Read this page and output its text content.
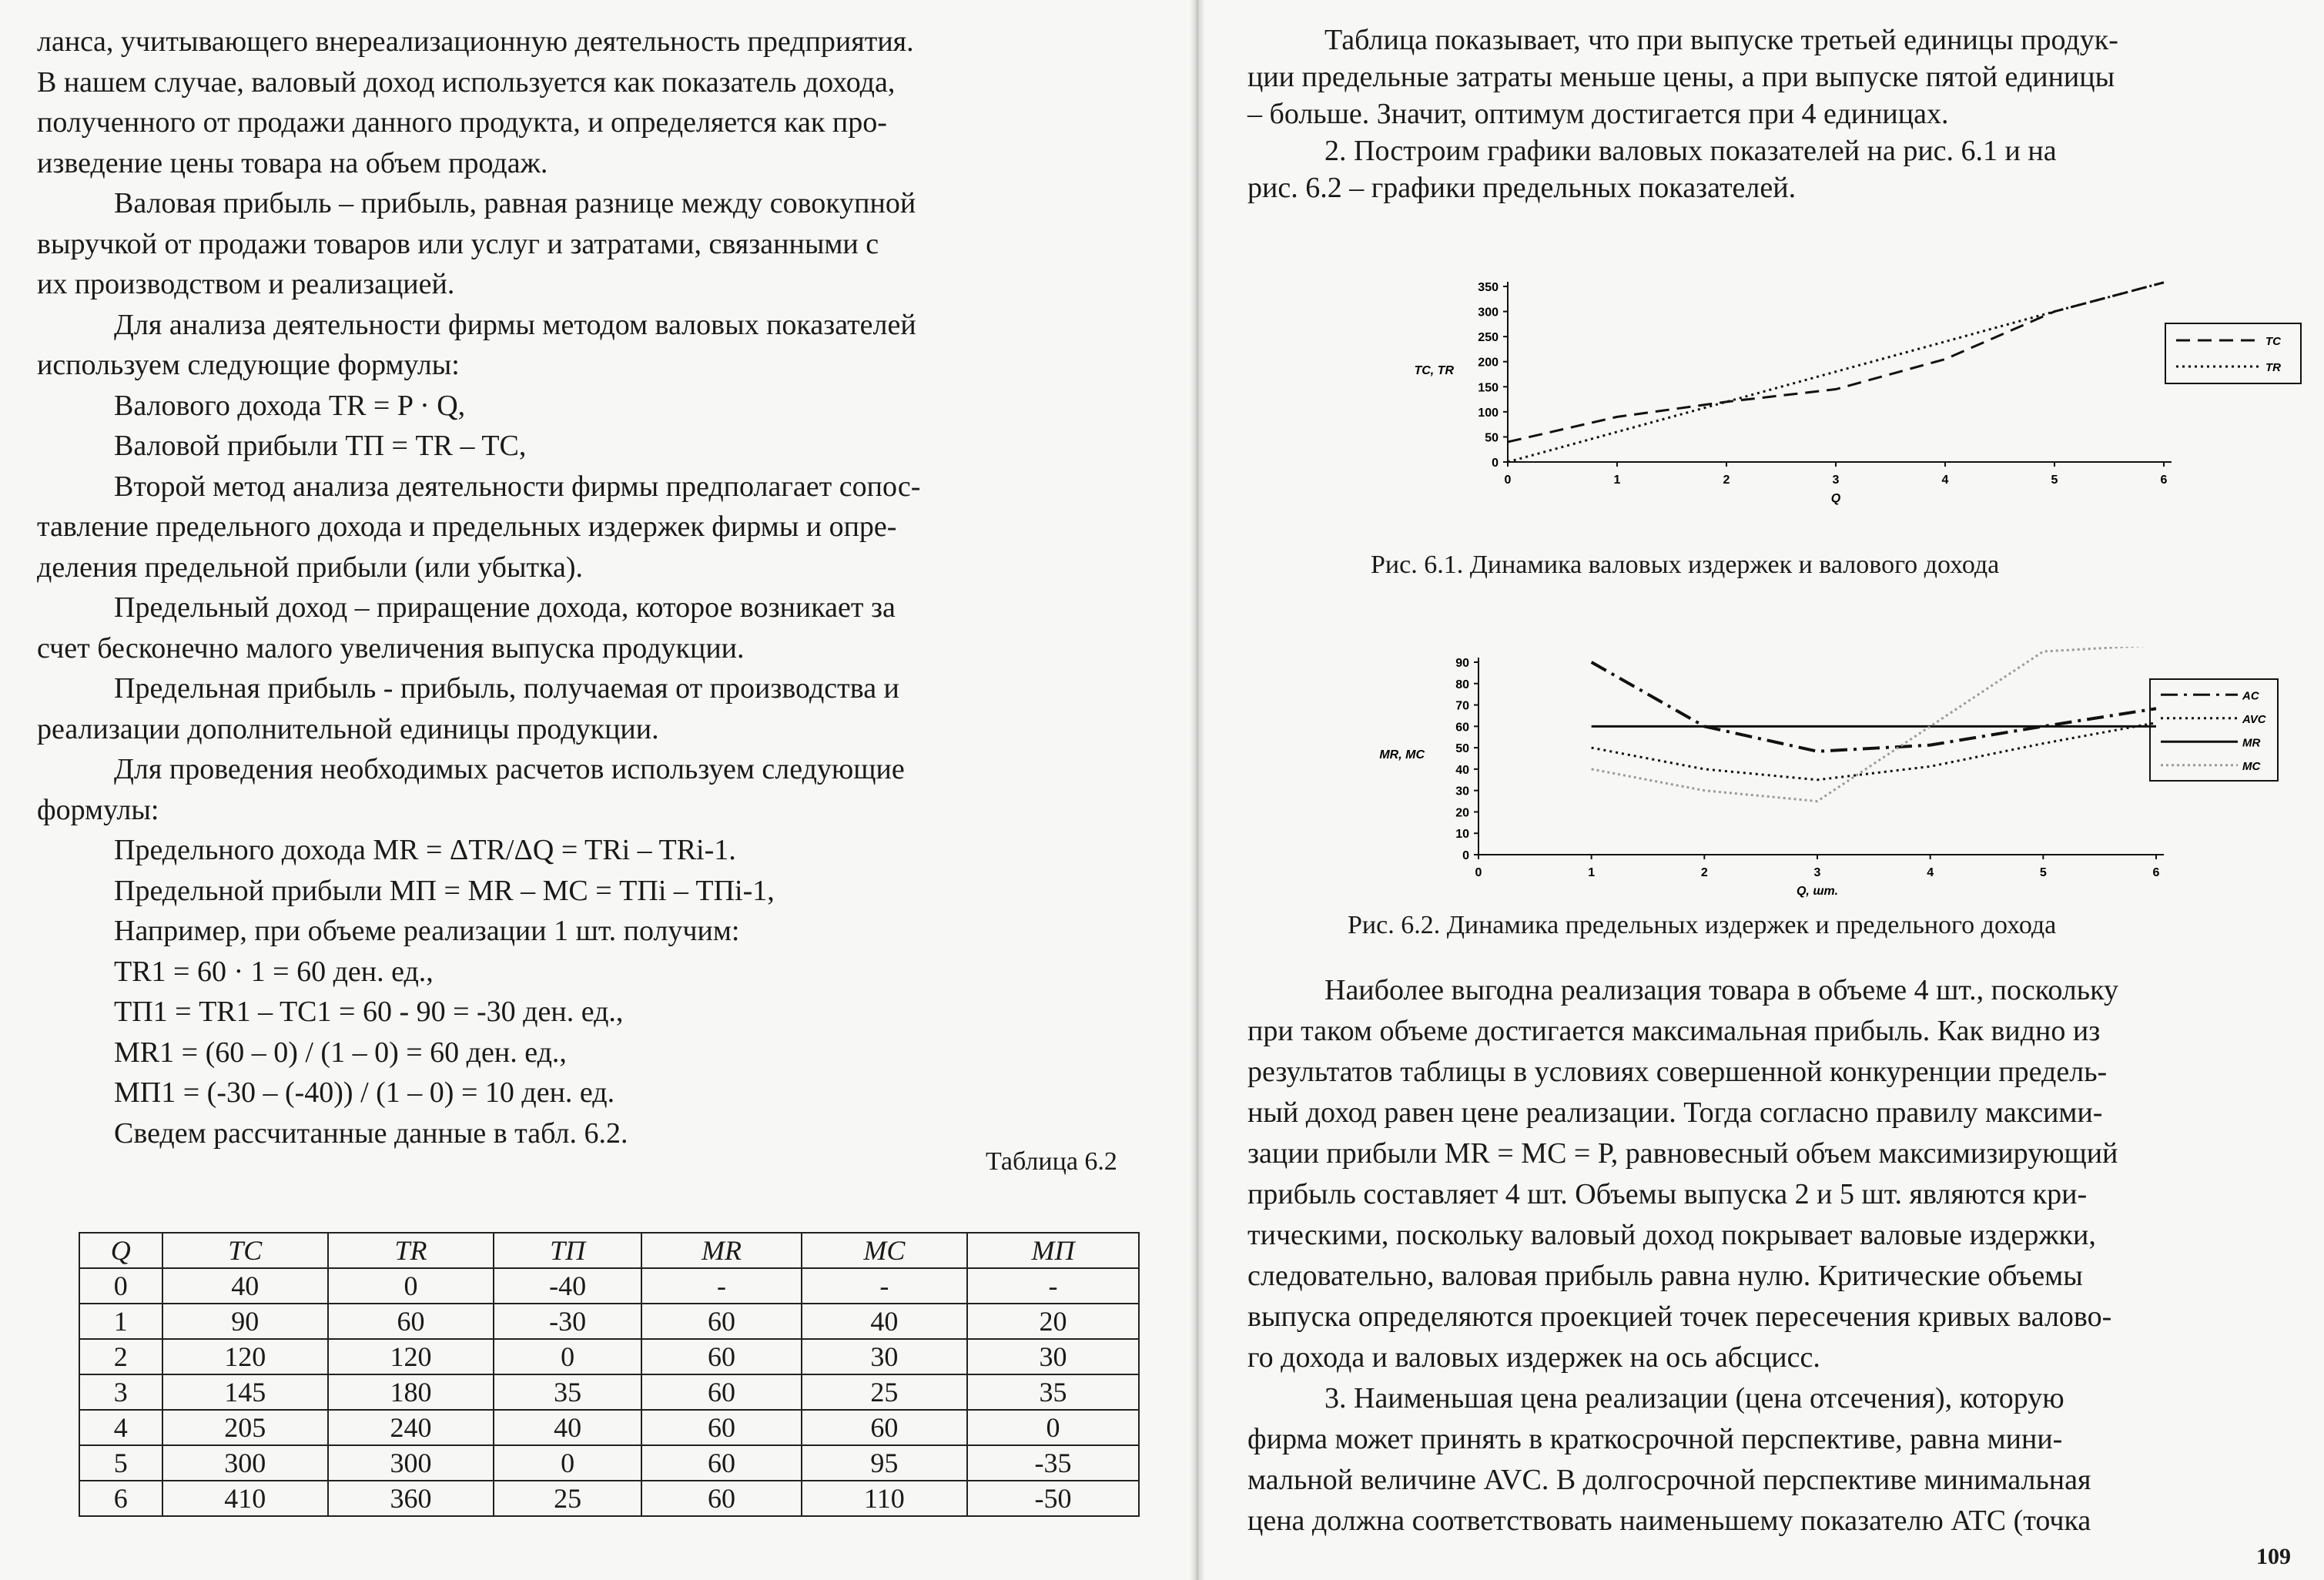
лансa, учитывающего внереализационную деятельность предприятия.
В нашем случае, валовый доход используется как показатель дохода,
полученного от продажи данного продукта, и определяется как про-
изведение цены товара на объем продаж.
Валовая прибыль – прибыль, равная разнице между совокупной
выручкой от продажи товаров или услуг и затратами, связанными с
их производством и реализацией.
Для анализа деятельности фирмы методом валовых показателей
используем следующие формулы:
Валового дохода TR = P · Q,
Валовой прибыли ТП = TR – TC,
Второй метод анализа деятельности фирмы предполагает сопос-
тавление предельного дохода и предельных издержек фирмы и опре-
деления предельной прибыли (или убытка).
Предельный доход – приращение дохода, которое возникает за
счет бесконечно малого увеличения выпуска продукции.
Предельная прибыль - прибыль, получаемая от производства и
реализации дополнительной единицы продукции.
Для проведения необходимых расчетов используем следующие
формулы:
Предельного дохода MR = ΔTR/ΔQ = TRi – TRi-1.
Предельной прибыли МП = MR – MC = ТПi – ТПi-1,
Например, при объеме реализации 1 шт. получим:
TR1 = 60 · 1 = 60 ден. ед.,
ТП1 = TR1 – TC1 = 60 - 90 = -30 ден. ед.,
MR1 = (60 – 0) / (1 – 0) = 60 ден. ед.,
МП1 = (-30 – (-40)) / (1 – 0) = 10 ден. ед.
Сведем рассчитанные данные в табл. 6.2.
Таблица 6.2
Q	TC	TR	ТП	MR	MC	МП
0	40	0	-40	-	-	-
1	90	60	-30	60	40	20
2	120	120	0	60	30	30
3	145	180	35	60	25	35
4	205	240	40	60	60	0
5	300	300	0	60	95	-35
6	410	360	25	60	110	-50
Таблица показывает, что при выпуске третьей единицы продук-
ции предельные затраты меньше цены, а при выпуске пятой единицы
– больше. Значит, оптимум достигается при 4 единицах.
2. Построим графики валовых показателей на рис. 6.1 и на
рис. 6.2 – графики предельных показателей.
0
50
100
150
200
250
300
350
0	1	2	3	4	5	6
TC, TR
Q
TC
TR
Рис. 6.1. Динамика валовых издержек и валового дохода
0
10
20
30
40
50
60
70
80
90
0	1	2	3	4	5	6
MR, MC
Q, шт.
AC
AVC
MR
MC
Рис. 6.2. Динамика предельных издержек и предельного дохода
Наиболее выгодна реализация товара в объеме 4 шт., поскольку
при таком объеме достигается максимальная прибыль. Как видно из
результатов таблицы в условиях совершенной конкуренции предель-
ный доход равен цене реализации. Тогда согласно правилу максими-
зации прибыли MR = MC = P, равновесный объем максимизирующий
прибыль составляет 4 шт. Объемы выпуска 2 и 5 шт. являются кри-
тическими, поскольку валовый доход покрывает валовые издержки,
следовательно, валовая прибыль равна нулю. Критические объемы
выпуска определяются проекцией точек пересечения кривых валово-
го дохода и валовых издержек на ось абсцисс.
3. Наименьшая цена реализации (цена отсечения), которую
фирма может принять в краткосрочной перспективе, равна мини-
мальной величине AVC. В долгосрочной перспективе минимальная
цена должна соответствовать наименьшему показателю ATC (точка
109
